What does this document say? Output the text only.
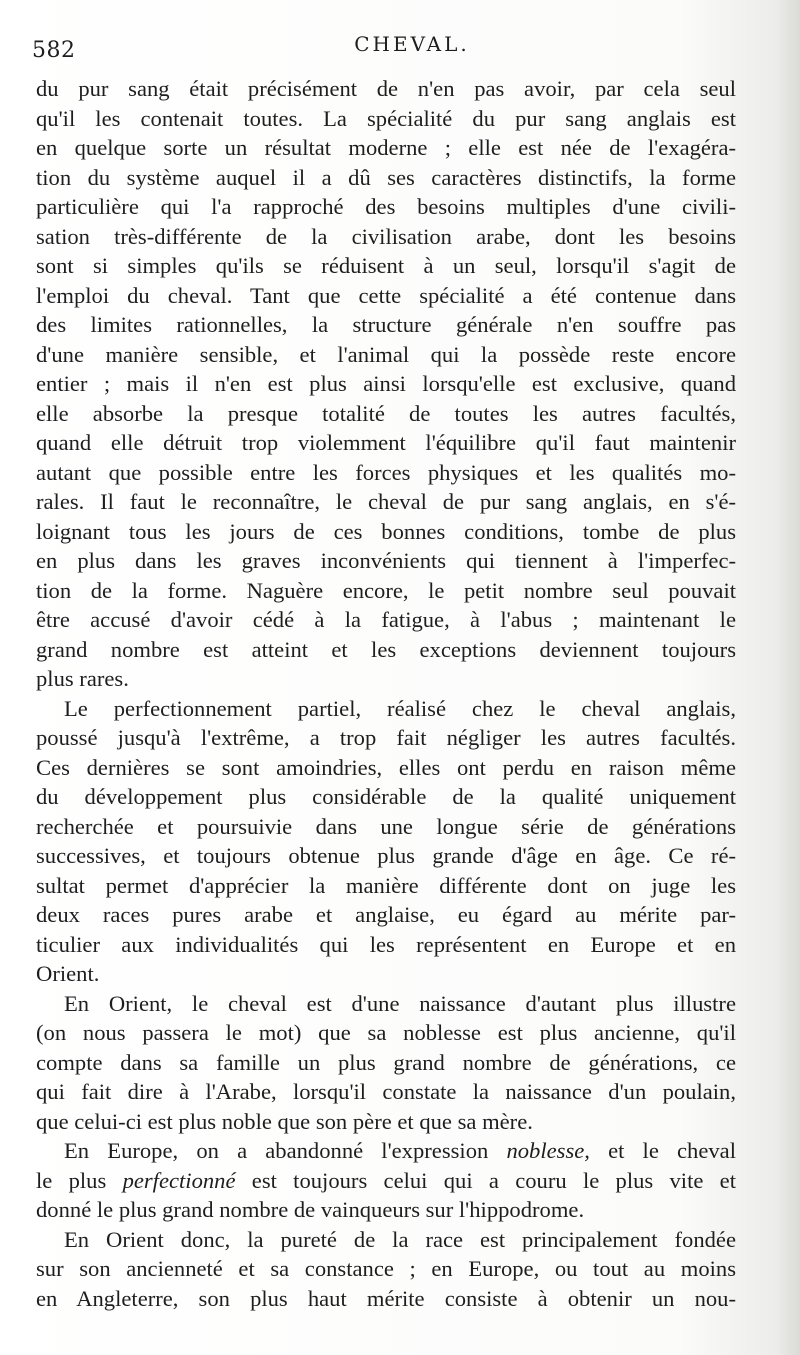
582	CHEVAL.
du pur sang était précisément de n'en pas avoir, par cela seul
qu'il les contenait toutes. La spécialité du pur sang anglais est
en quelque sorte un résultat moderne ; elle est née de l'exagéra-
tion du système auquel il a dû ses caractères distinctifs, la forme
particulière qui l'a rapproché des besoins multiples d'une civili-
sation très-différente de la civilisation arabe, dont les besoins
sont si simples qu'ils se réduisent à un seul, lorsqu'il s'agit de
l'emploi du cheval. Tant que cette spécialité a été contenue dans
des limites rationnelles, la structure générale n'en souffre pas
d'une manière sensible, et l'animal qui la possède reste encore
entier ; mais il n'en est plus ainsi lorsqu'elle est exclusive, quand
elle absorbe la presque totalité de toutes les autres facultés,
quand elle détruit trop violemment l'équilibre qu'il faut maintenir
autant que possible entre les forces physiques et les qualités mo-
rales. Il faut le reconnaître, le cheval de pur sang anglais, en s'é-
loignant tous les jours de ces bonnes conditions, tombe de plus
en plus dans les graves inconvénients qui tiennent à l'imperfec-
tion de la forme. Naguère encore, le petit nombre seul pouvait
être accusé d'avoir cédé à la fatigue, à l'abus ; maintenant le
grand nombre est atteint et les exceptions deviennent toujours
plus rares.
Le perfectionnement partiel, réalisé chez le cheval anglais,
poussé jusqu'à l'extrême, a trop fait négliger les autres facultés.
Ces dernières se sont amoindries, elles ont perdu en raison même
du développement plus considérable de la qualité uniquement
recherchée et poursuivie dans une longue série de générations
successives, et toujours obtenue plus grande d'âge en âge. Ce ré-
sultat permet d'apprécier la manière différente dont on juge les
deux races pures arabe et anglaise, eu égard au mérite par-
ticulier aux individualités qui les représentent en Europe et en
Orient.
En Orient, le cheval est d'une naissance d'autant plus illustre
(on nous passera le mot) que sa noblesse est plus ancienne, qu'il
compte dans sa famille un plus grand nombre de générations, ce
qui fait dire à l'Arabe, lorsqu'il constate la naissance d'un poulain,
que celui-ci est plus noble que son père et que sa mère.
En Europe, on a abandonné l'expression noblesse, et le cheval
le plus perfectionné est toujours celui qui a couru le plus vite et
donné le plus grand nombre de vainqueurs sur l'hippodrome.
En Orient donc, la pureté de la race est principalement fondée
sur son ancienneté et sa constance ; en Europe, ou tout au moins
en Angleterre, son plus haut mérite consiste à obtenir un nou-
